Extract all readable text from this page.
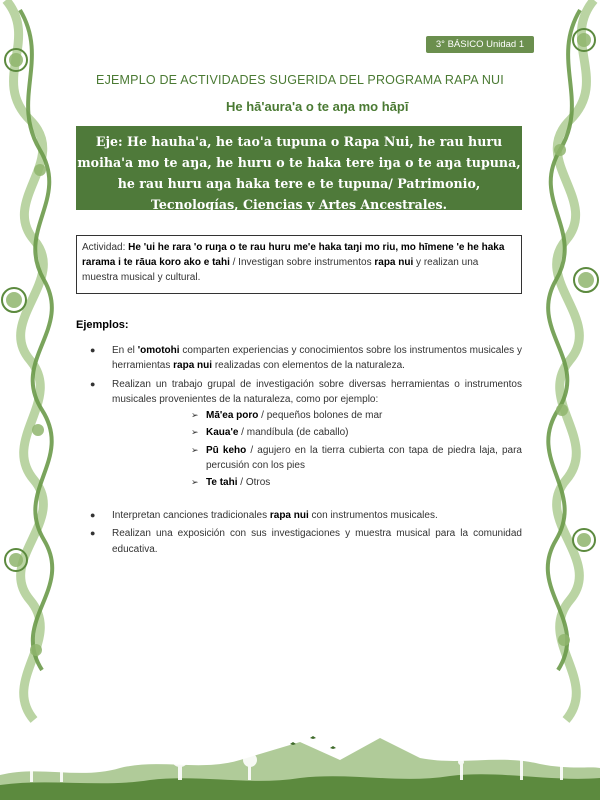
3° BÁSICO Unidad 1
EJEMPLO DE ACTIVIDADES SUGERIDA DEL PROGRAMA RAPA NUI
He hā'aura'a o te aŋa mo hāpī
Eje: He hauha'a, he tao'a tupuna o Rapa Nui, he rau huru moiha'a mo te aŋa, he huru o te haka tere iŋa o te aŋa tupuna, he rau huru aŋa haka tere e te tupuna/ Patrimonio, Tecnologías, Ciencias y Artes Ancestrales.
Actividad: He 'ui he rara 'o ruŋa o te rau huru me'e haka taŋi mo riu, mo hīmene 'e he haka rarama i te rāua koro ako e tahi / Investigan sobre instrumentos rapa nui y realizan una muestra musical y cultural.
Ejemplos:
● En el 'omotohi comparten experiencias y conocimientos sobre los instrumentos musicales y herramientas rapa nui realizadas con elementos de la naturaleza.
● Realizan un trabajo grupal de investigación sobre diversas herramientas o instrumentos musicales provenientes de la naturaleza, como por ejemplo:
➢ Mā'ea poro / pequeños bolones de mar
➢ Kaua'e / mandíbula (de caballo)
➢ Pū keho / agujero en la tierra cubierta con tapa de piedra laja, para percusión con los pies
➢ Te tahi / Otros
● Interpretan canciones tradicionales rapa nui con instrumentos musicales.
● Realizan una exposición con sus investigaciones y muestra musical para la comunidad educativa.
